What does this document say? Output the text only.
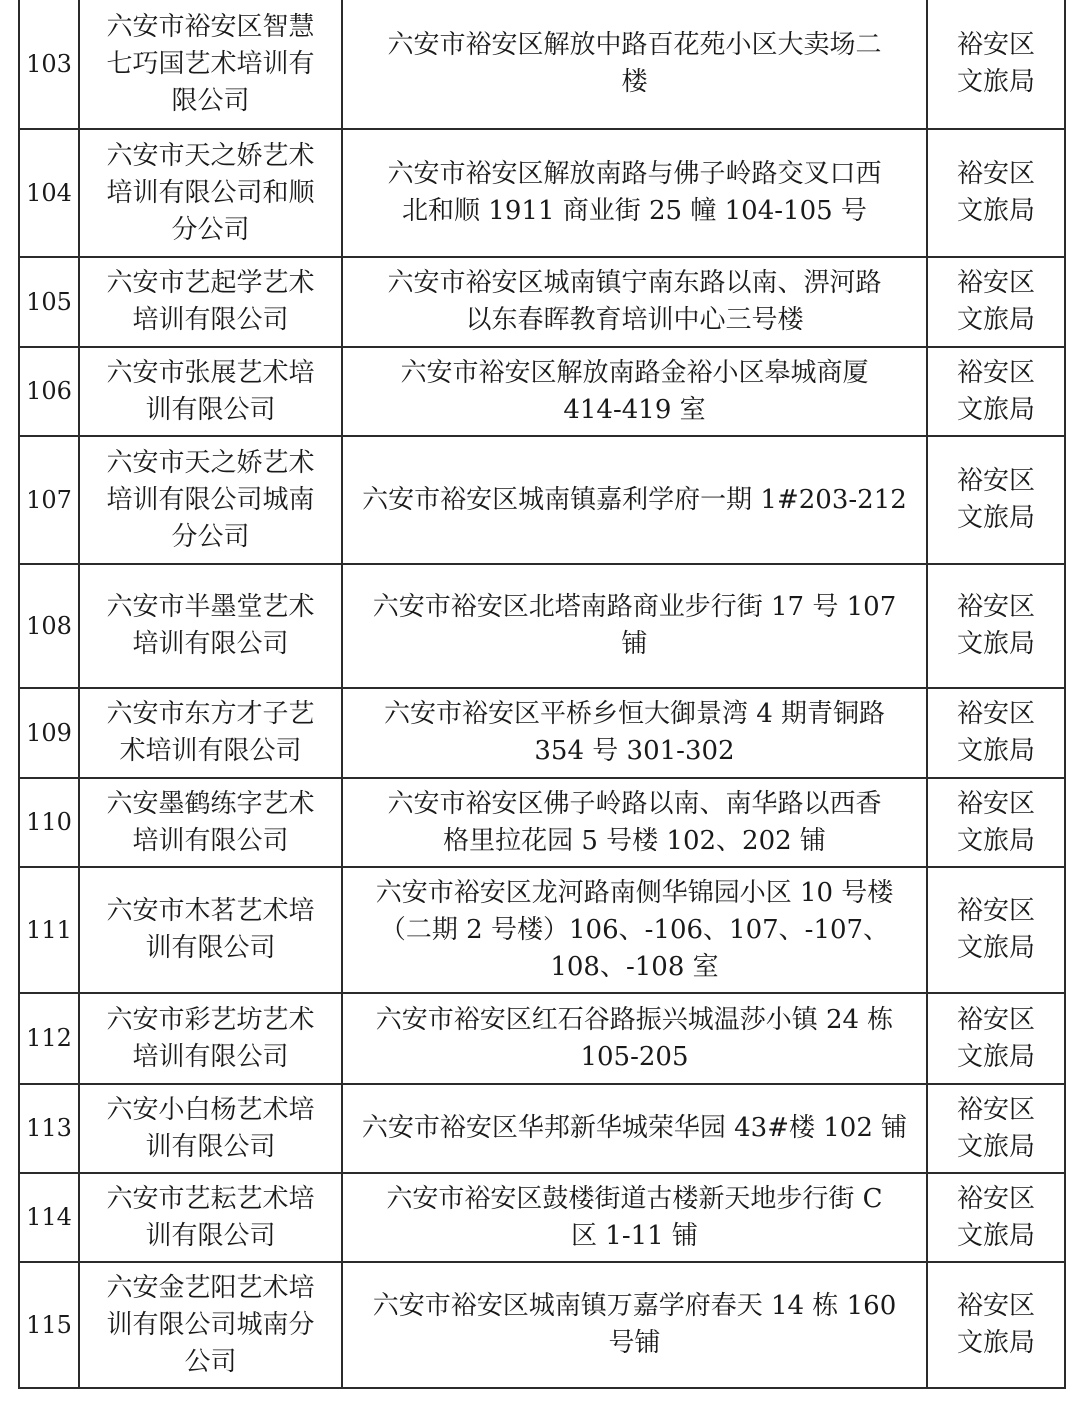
103	六安市裕安区智慧
七巧国艺术培训有
限公司	六安市裕安区解放中路百花苑小区大卖场二
楼	裕安区
文旅局
104	六安市天之娇艺术
培训有限公司和顺
分公司	六安市裕安区解放南路与佛子岭路交叉口西
北和顺 1911 商业街 25 幢 104-105 号	裕安区
文旅局
105	六安市艺起学艺术
培训有限公司	六安市裕安区城南镇宁南东路以南、淠河路
以东春晖教育培训中心三号楼	裕安区
文旅局
106	六安市张展艺术培
训有限公司	六安市裕安区解放南路金裕小区皋城商厦
414-419 室	裕安区
文旅局
107	六安市天之娇艺术
培训有限公司城南
分公司	六安市裕安区城南镇嘉利学府一期 1#203-212	裕安区
文旅局
108	六安市半墨堂艺术
培训有限公司	六安市裕安区北塔南路商业步行街 17 号 107
铺	裕安区
文旅局
109	六安市东方才子艺
术培训有限公司	六安市裕安区平桥乡恒大御景湾 4 期青铜路
354 号 301-302	裕安区
文旅局
110	六安墨鹤练字艺术
培训有限公司	六安市裕安区佛子岭路以南、南华路以西香
格里拉花园 5 号楼 102、202 铺	裕安区
文旅局
111	六安市木茗艺术培
训有限公司	六安市裕安区龙河路南侧华锦园小区 10 号楼
（二期 2 号楼）106、-106、107、-107、
108、-108 室	裕安区
文旅局
112	六安市彩艺坊艺术
培训有限公司	六安市裕安区红石谷路振兴城温莎小镇 24 栋
105-205	裕安区
文旅局
113	六安小白杨艺术培
训有限公司	六安市裕安区华邦新华城荣华园 43#楼 102 铺	裕安区
文旅局
114	六安市艺耘艺术培
训有限公司	六安市裕安区鼓楼街道古楼新天地步行街 C
区 1-11 铺	裕安区
文旅局
115	六安金艺阳艺术培
训有限公司城南分
公司	六安市裕安区城南镇万嘉学府春天 14 栋 160
号铺	裕安区
文旅局
